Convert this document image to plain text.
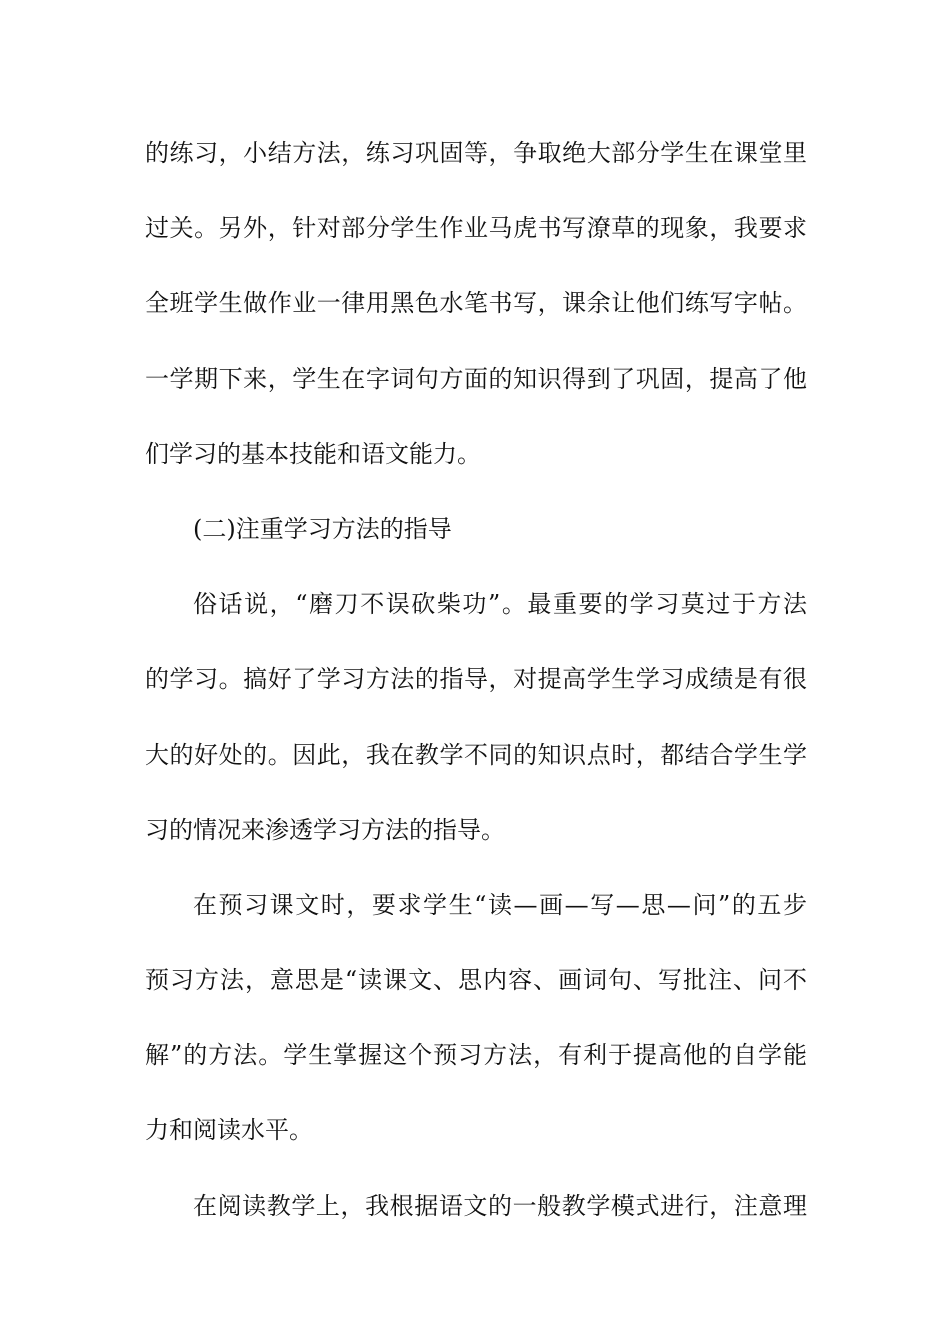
的练习，小结方法，练习巩固等，争取绝大部分学生在课堂里
过关。另外，针对部分学生作业马虎书写潦草的现象，我要求
全班学生做作业一律用黑色水笔书写，课余让他们练写字帖。
一学期下来，学生在字词句方面的知识得到了巩固，提高了他
们学习的基本技能和语文能力。
(二)注重学习方法的指导
俗话说，“磨刀不误砍柴功”。最重要的学习莫过于方法
的学习。搞好了学习方法的指导，对提高学生学习成绩是有很
大的好处的。因此，我在教学不同的知识点时，都结合学生学
习的情况来渗透学习方法的指导。
在预习课文时，要求学生“读—画—写—思—问”的五步
预习方法，意思是“读课文、思内容、画词句、写批注、问不
解”的方法。学生掌握这个预习方法，有利于提高他的自学能
力和阅读水平。
在阅读教学上，我根据语文的一般教学模式进行，注意理
